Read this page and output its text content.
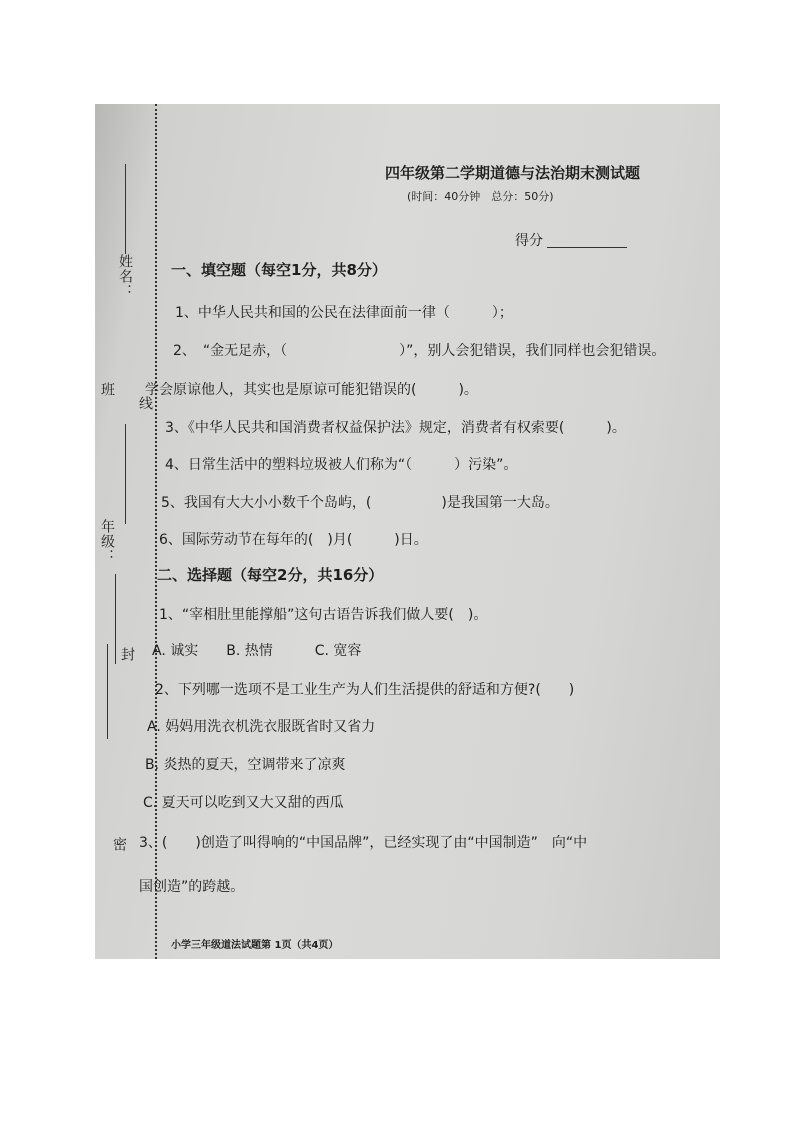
姓名：
班
线
年级：
封
密
四年级第二学期道德与法治期末测试题
(时间：40分钟　总分：50分)
得分
一、填空题（每空1分，共8分）
1、中华人民共和国的公民在法律面前一律（　　　）；
2、　“金无足赤，（　　　　　　　　）”，别人会犯错误，我们同样也会犯错误。
学会原谅他人，其实也是原谅可能犯错误的(　　　)。
3、《中华人民共和国消费者权益保护法》规定，消费者有权索要(　　　)。
4、日常生活中的塑料垃圾被人们称为“（　　　）污染”。
5、我国有大大小小数千个岛屿，(　　　　　)是我国第一大岛。
6、国际劳动节在每年的(　)月(　　　)日。
二、选择题（每空2分，共16分）
1、“宰相肚里能撑船”这句古语告诉我们做人要(　)。
A. 诚实　　B. 热情　　　C. 宽容
2、下列哪一选项不是工业生产为人们生活提供的舒适和方便?(　　)
A. 妈妈用洗衣机洗衣服既省时又省力
B. 炎热的夏天，空调带来了凉爽
C. 夏天可以吃到又大又甜的西瓜
3、(　　)创造了叫得响的“中国品牌”，已经实现了由“中国制造”　向“中
国创造”的跨越。
小学三年级道法试题第 1页（共4页）
